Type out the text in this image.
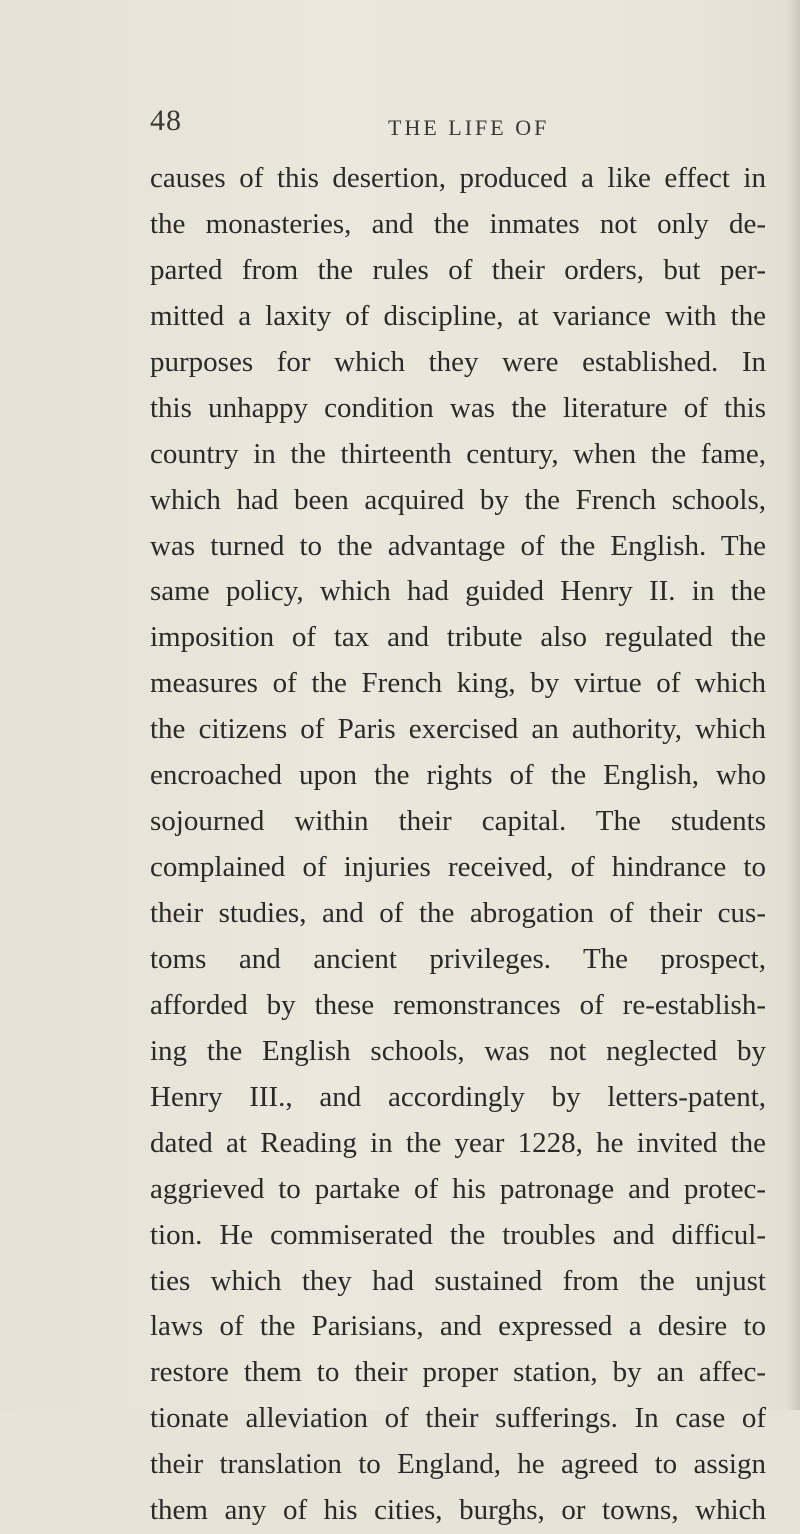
48	THE LIFE OF
causes of this desertion, produced a like effect in
the monasteries, and the inmates not only de-
parted from the rules of their orders, but per-
mitted a laxity of discipline, at variance with the
purposes for which they were established. In
this unhappy condition was the literature of this
country in the thirteenth century, when the fame,
which had been acquired by the French schools,
was turned to the advantage of the English. The
same policy, which had guided Henry II. in the
imposition of tax and tribute also regulated the
measures of the French king, by virtue of which
the citizens of Paris exercised an authority, which
encroached upon the rights of the English, who
sojourned within their capital. The students
complained of injuries received, of hindrance to
their studies, and of the abrogation of their cus-
toms and ancient privileges. The prospect,
afforded by these remonstrances of re-establish-
ing the English schools, was not neglected by
Henry III., and accordingly by letters-patent,
dated at Reading in the year 1228, he invited the
aggrieved to partake of his patronage and protec-
tion. He commiserated the troubles and difficul-
ties which they had sustained from the unjust
laws of the Parisians, and expressed a desire to
restore them to their proper station, by an affec-
tionate alleviation of their sufferings. In case of
their translation to England, he agreed to assign
them any of his cities, burghs, or towns, which
